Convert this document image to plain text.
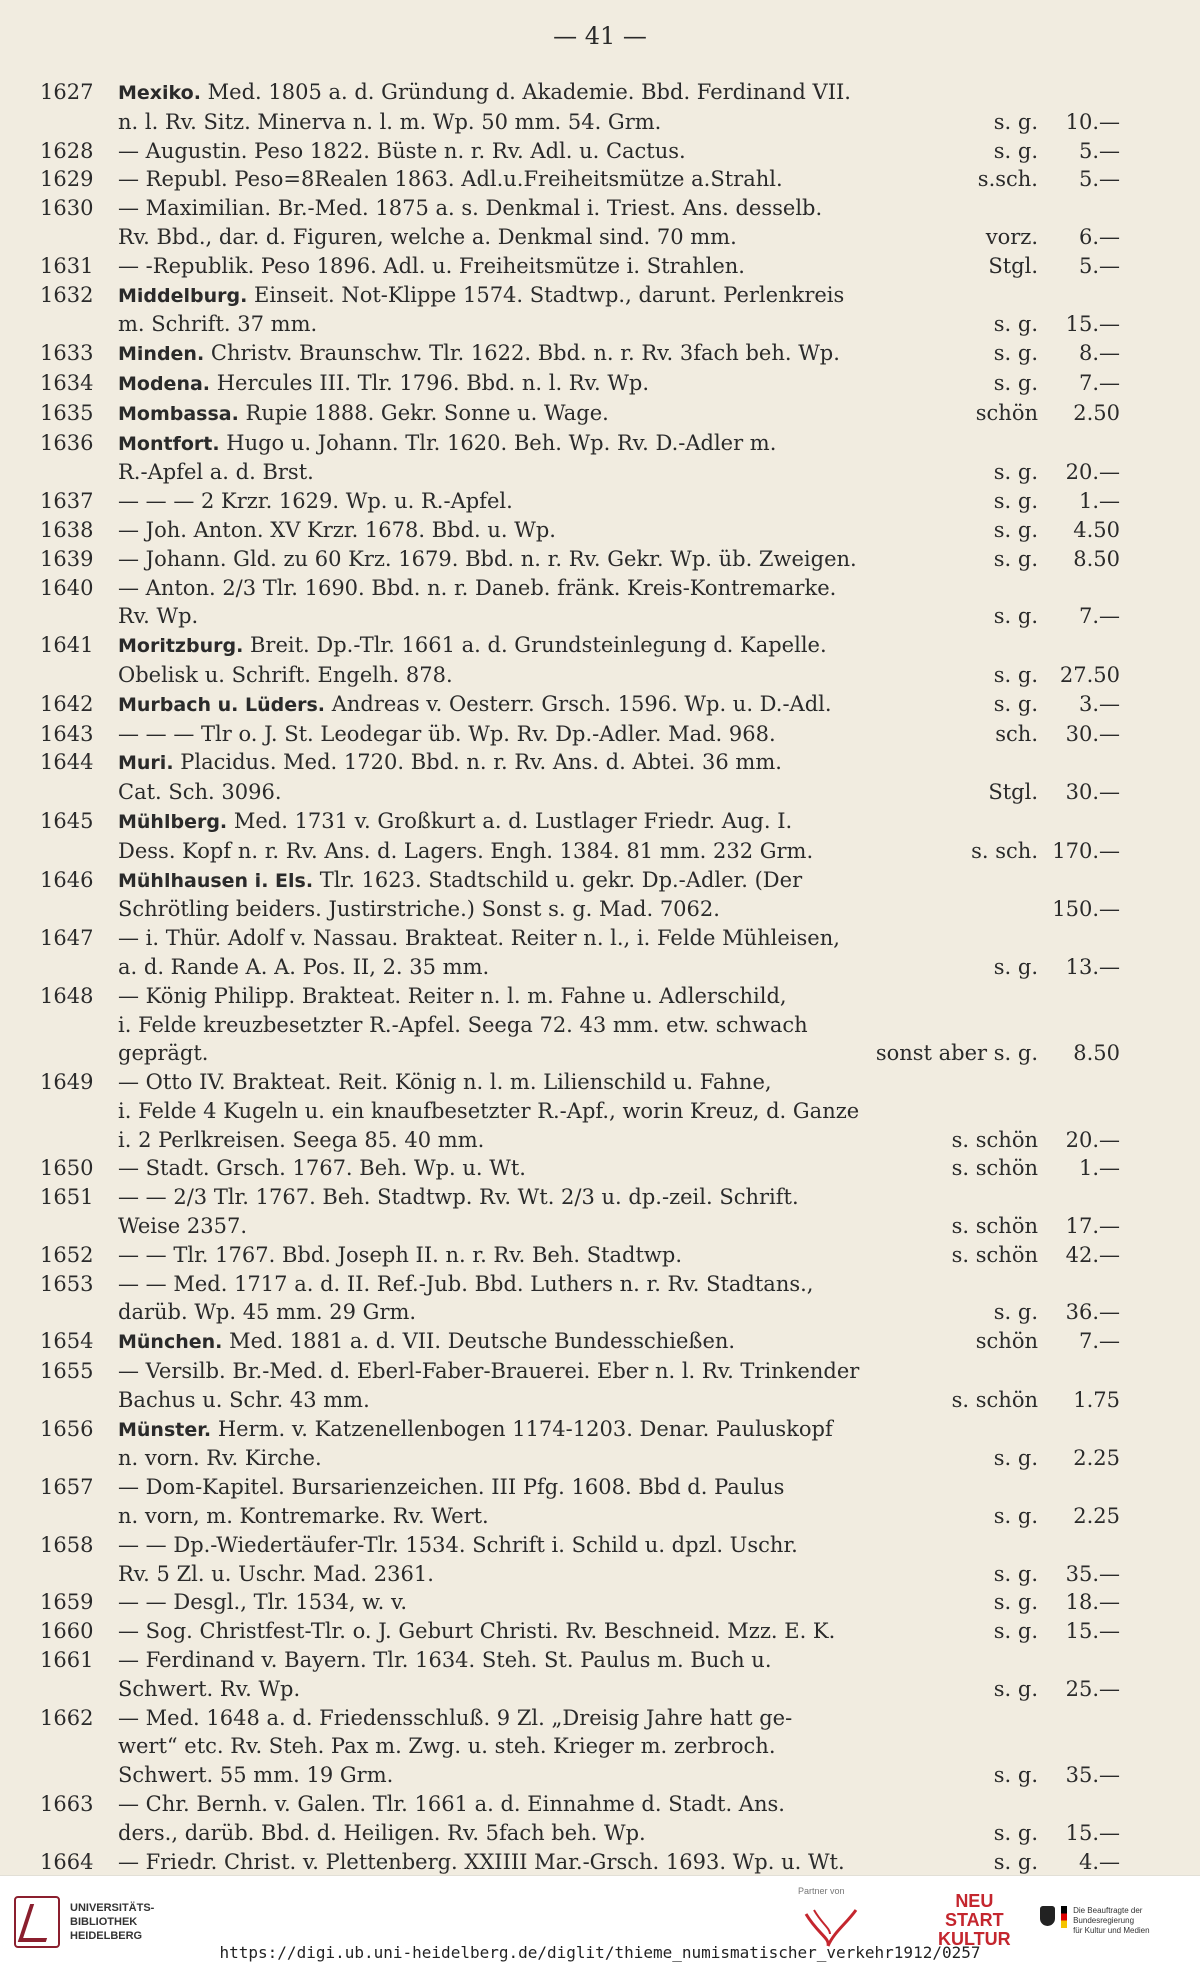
— 41 —
1627	Mexiko. Med. 1805 a. d. Gründung d. Akademie. Bbd. Ferdinand VII.
n. l. Rv. Sitz. Minerva n. l. m. Wp. 50 mm. 54. Grm.	s. g.	10.—
1628	— Augustin. Peso 1822. Büste n. r. Rv. Adl. u. Cactus.	s. g.	5.—
1629	— Republ. Peso=8Realen 1863. Adl.u.Freiheitsmütze a.Strahl.	s.sch.	5.—
1630	— Maximilian. Br.-Med. 1875 a. s. Denkmal i. Triest. Ans. desselb.
Rv. Bbd., dar. d. Figuren, welche a. Denkmal sind. 70 mm.	vorz.	6.—
1631	— -Republik. Peso 1896. Adl. u. Freiheitsmütze i. Strahlen.	Stgl.	5.—
1632	Middelburg. Einseit. Not-Klippe 1574. Stadtwp., darunt. Perlenkreis
m. Schrift. 37 mm.	s. g.	15.—
1633	Minden. Christv. Braunschw. Tlr. 1622. Bbd. n. r. Rv. 3fach beh. Wp.	s. g.	8.—
1634	Modena. Hercules III. Tlr. 1796. Bbd. n. l. Rv. Wp.	s. g.	7.—
1635	Mombassa. Rupie 1888. Gekr. Sonne u. Wage.	schön	2.50
1636	Montfort. Hugo u. Johann. Tlr. 1620. Beh. Wp. Rv. D.-Adler m.
R.-Apfel a. d. Brst.	s. g.	20.—
1637	— — — 2 Krzr. 1629. Wp. u. R.-Apfel.	s. g.	1.—
1638	— Joh. Anton. XV Krzr. 1678. Bbd. u. Wp.	s. g.	4.50
1639	— Johann. Gld. zu 60 Krz. 1679. Bbd. n. r. Rv. Gekr. Wp. üb. Zweigen.	s. g.	8.50
1640	— Anton. 2/3 Tlr. 1690. Bbd. n. r. Daneb. fränk. Kreis-Kontremarke.
Rv. Wp.	s. g.	7.—
1641	Moritzburg. Breit. Dp.-Tlr. 1661 a. d. Grundsteinlegung d. Kapelle.
Obelisk u. Schrift. Engelh. 878.	s. g.	27.50
1642	Murbach u. Lüders. Andreas v. Oesterr. Grsch. 1596. Wp. u. D.-Adl.	s. g.	3.—
1643	— — — Tlr o. J. St. Leodegar üb. Wp. Rv. Dp.-Adler. Mad. 968.	sch.	30.—
1644	Muri. Placidus. Med. 1720. Bbd. n. r. Rv. Ans. d. Abtei. 36 mm.
Cat. Sch. 3096.	Stgl.	30.—
1645	Mühlberg. Med. 1731 v. Großkurt a. d. Lustlager Friedr. Aug. I.
Dess. Kopf n. r. Rv. Ans. d. Lagers. Engh. 1384. 81 mm. 232 Grm.	s. sch. 170.—
1646	Mühlhausen i. Els. Tlr. 1623. Stadtschild u. gekr. Dp.-Adler. (Der
Schrötling beiders. Justirstriche.) Sonst s. g. Mad. 7062.	150.—
1647	— i. Thür. Adolf v. Nassau. Brakteat. Reiter n. l., i. Felde Mühleisen,
a. d. Rande A. A. Pos. II, 2. 35 mm.	s. g.	13.—
1648	— König Philipp. Brakteat. Reiter n. l. m. Fahne u. Adlerschild,
i. Felde kreuzbesetzter R.-Apfel. Seega 72. 43 mm. etw. schwach
geprägt.	sonst aber s. g.	8.50
1649	— Otto IV. Brakteat. Reit. König n. l. m. Lilienschild u. Fahne,
i. Felde 4 Kugeln u. ein knaufbesetzter R.-Apf., worin Kreuz, d. Ganze
i. 2 Perlkreisen. Seega 85. 40 mm.	s. schön	20.—
1650	— Stadt. Grsch. 1767. Beh. Wp. u. Wt.	s. schön	1.—
1651	— — 2/3 Tlr. 1767. Beh. Stadtwp. Rv. Wt. 2/3 u. dp.-zeil. Schrift.
Weise 2357.	s. schön	17.—
1652	— — Tlr. 1767. Bbd. Joseph II. n. r. Rv. Beh. Stadtwp.	s. schön	42.—
1653	— — Med. 1717 a. d. II. Ref.-Jub. Bbd. Luthers n. r. Rv. Stadtans.,
darüb. Wp. 45 mm. 29 Grm.	s. g.	36.—
1654	München. Med. 1881 a. d. VII. Deutsche Bundesschießen.	schön	7.—
1655	— Versilb. Br.-Med. d. Eberl-Faber-Brauerei. Eber n. l. Rv. Trinkender
Bachus u. Schr. 43 mm.	s. schön	1.75
1656	Münster. Herm. v. Katzenellenbogen 1174-1203. Denar. Pauluskopf
n. vorn. Rv. Kirche.	s. g.	2.25
1657	— Dom-Kapitel. Bursarienzeichen. III Pfg. 1608. Bbd d. Paulus
n. vorn, m. Kontremarke. Rv. Wert.	s. g.	2.25
1658	— — Dp.-Wiedertäufer-Tlr. 1534. Schrift i. Schild u. dpzl. Uschr.
Rv. 5 Zl. u. Uschr. Mad. 2361.	s. g.	35.—
1659	— — Desgl., Tlr. 1534, w. v.	s. g.	18.—
1660	— Sog. Christfest-Tlr. o. J. Geburt Christi. Rv. Beschneid. Mzz. E. K.	s. g.	15.—
1661	— Ferdinand v. Bayern. Tlr. 1634. Steh. St. Paulus m. Buch u.
Schwert. Rv. Wp.	s. g.	25.—
1662	— Med. 1648 a. d. Friedensschluß. 9 Zl. „Dreisig Jahre hatt ge-
wert“ etc. Rv. Steh. Pax m. Zwg. u. steh. Krieger m. zerbroch.
Schwert. 55 mm. 19 Grm.	s. g.	35.—
1663	— Chr. Bernh. v. Galen. Tlr. 1661 a. d. Einnahme d. Stadt. Ans.
ders., darüb. Bbd. d. Heiligen. Rv. 5fach beh. Wp.	s. g.	15.—
1664	— Friedr. Christ. v. Plettenberg. XXIIII Mar.-Grsch. 1693. Wp. u. Wt.	s. g.	4.—
UNIVERSITÄTS-
BIBLIOTHEK
HEIDELBERG
Partner von	NEU
START
KULTUR
Die Beauftragte der Bundesregierung
für Kultur und Medien
https://digi.ub.uni-heidelberg.de/diglit/thieme_numismatischer_verkehr1912/0257
